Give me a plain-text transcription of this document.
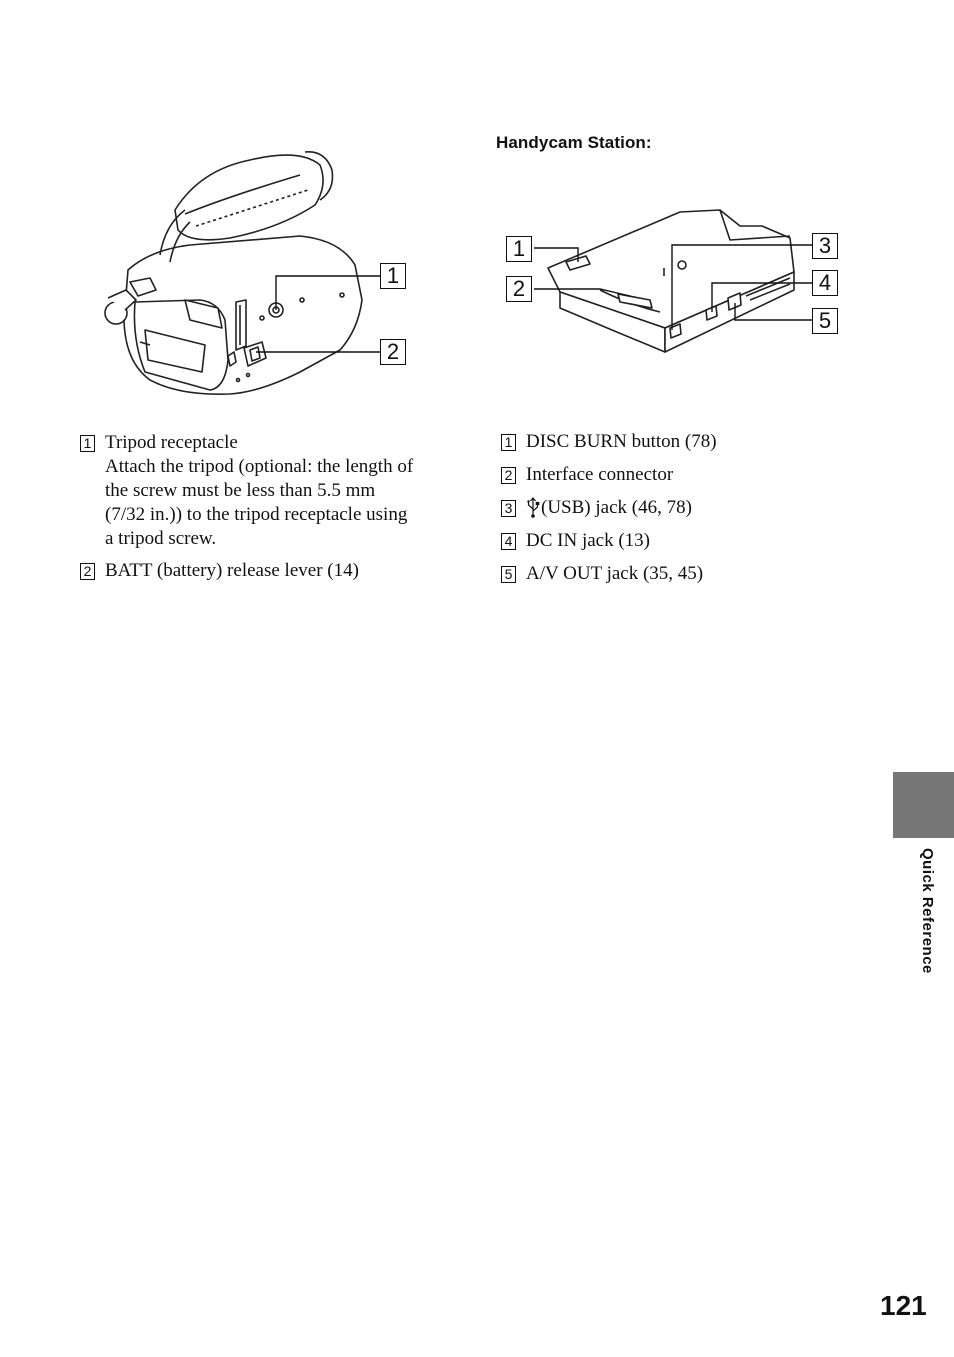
1
2
Handycam Station:
1
2
3
4
5
1 Tripod receptacle
Attach the tripod (optional: the length of
the screw must be less than 5.5 mm
(7/32 in.)) to the tripod receptacle using
a tripod screw.
2 BATT (battery) release lever (14)
1 DISC BURN button (78)
2 Interface connector
3 (USB) jack (46, 78)
4 DC IN jack (13)
5 A/V OUT jack (35, 45)
Quick Reference
121
